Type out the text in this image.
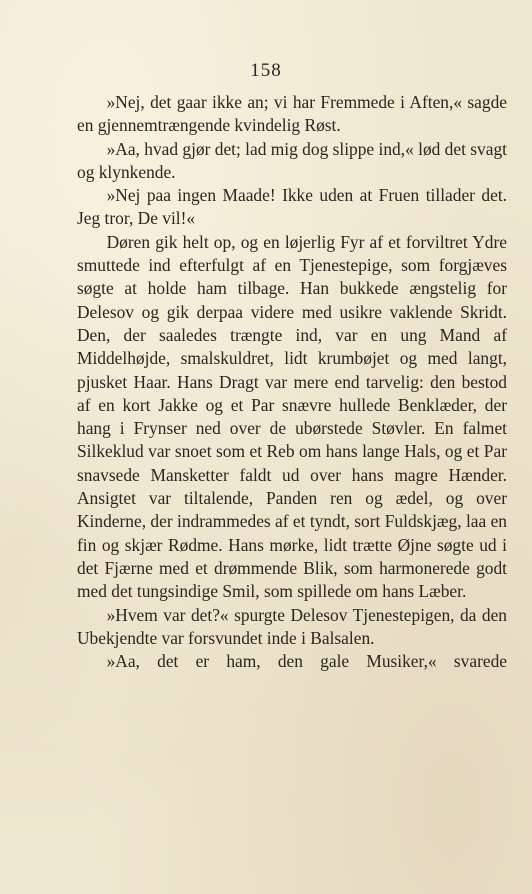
158

»Nej, det gaar ikke an; vi har Fremmede i Aften,« sagde en gjennemtrængende kvindelig Røst.

»Aa, hvad gjør det; lad mig dog slippe ind,« lød det svagt og klynkende.

»Nej paa ingen Maade! Ikke uden at Fruen tillader det. Jeg tror, De vil!«

Døren gik helt op, og en løjerlig Fyr af et forviltret Ydre smuttede ind efterfulgt af en Tjenestepige, som forgjæves søgte at holde ham tilbage. Han bukkede ængstelig for Delesov og gik derpaa videre med usikre vaklende Skridt. Den, der saaledes trængte ind, var en ung Mand af Middelhøjde, smalskuldret, lidt krumbøjet og med langt, pjusket Haar. Hans Dragt var mere end tarvelig: den bestod af en kort Jakke og et Par snævre hullede Benklæder, der hang i Frynser ned over de ubørstede Støvler. En falmet Silkeklud var snoet som et Reb om hans lange Hals, og et Par snavsede Mansketter faldt ud over hans magre Hænder. Ansigtet var tiltalende, Panden ren og ædel, og over Kinderne, der indrammedes af et tyndt, sort Fuldskjæg, laa en fin og skjær Rødme. Hans mørke, lidt trætte Øjne søgte ud i det Fjærne med et drømmende Blik, som harmonerede godt med det tungsindige Smil, som spillede om hans Læber.

»Hvem var det?« spurgte Delesov Tjenestepigen, da den Ubekjendte var forsvundet inde i Balsalen.

»Aa, det er ham, den gale Musiker,« svarede
